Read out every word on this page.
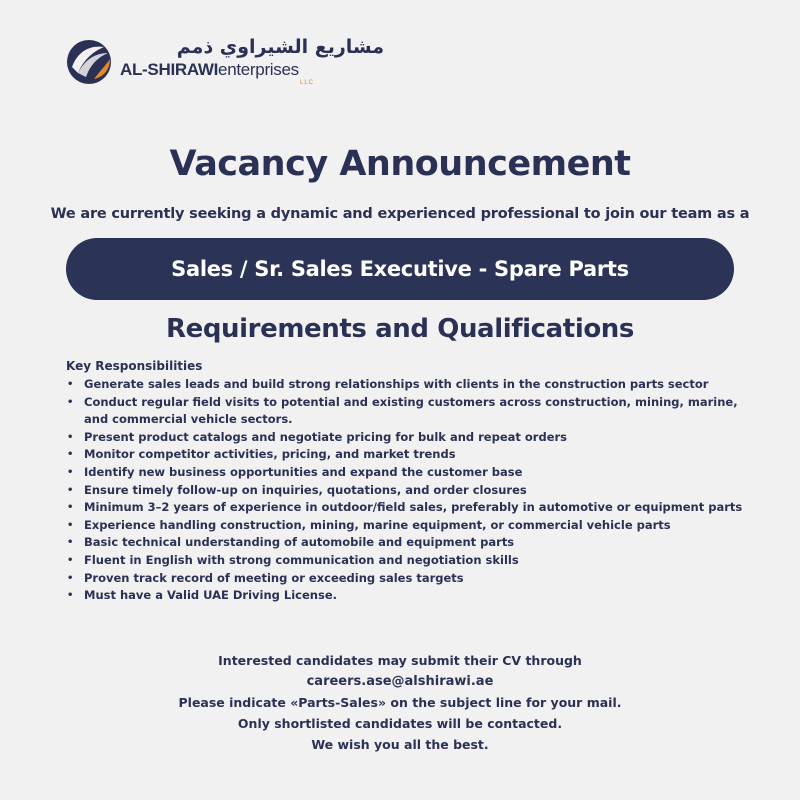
مشاريع الشيراوي ذمم
AL-SHIRAWIenterprises
LLC
Vacancy Announcement
We are currently seeking a dynamic and experienced professional to join our team as a
Sales / Sr. Sales Executive - Spare Parts
Requirements and Qualifications
Key Responsibilities
• Generate sales leads and build strong relationships with clients in the construction parts sector
• Conduct regular field visits to potential and existing customers across construction, mining, marine, and commercial vehicle sectors.
• Present product catalogs and negotiate pricing for bulk and repeat orders
• Monitor competitor activities, pricing, and market trends
• Identify new business opportunities and expand the customer base
• Ensure timely follow-up on inquiries, quotations, and order closures
• Minimum 3–2 years of experience in outdoor/field sales, preferably in automotive or equipment parts
• Experience handling construction, mining, marine equipment, or commercial vehicle parts
• Basic technical understanding of automobile and equipment parts
• Fluent in English with strong communication and negotiation skills
• Proven track record of meeting or exceeding sales targets
• Must have a Valid UAE Driving License.
Interested candidates may submit their CV through
careers.ase@alshirawi.ae
Please indicate «Parts-Sales» on the subject line for your mail.
Only shortlisted candidates will be contacted.
We wish you all the best.
